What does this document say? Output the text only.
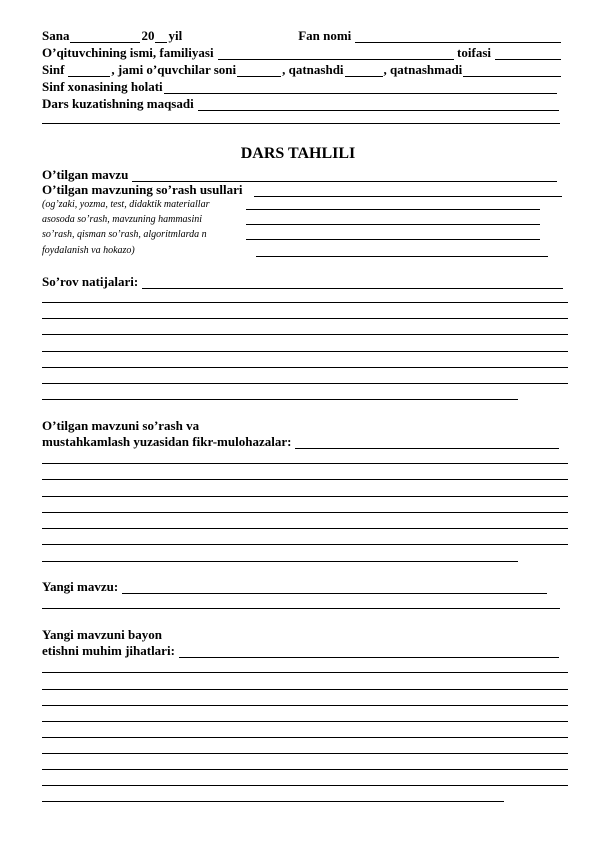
Sana	20 yil	Fan nomi
O’qituvchining ismi, familiyasi	toifasi
Sinf	, jami o’quvchilar soni	, qatnashdi	, qatnashmadi
Sinf xonasining holati
Dars kuzatishning maqsadi
DARS TAHLILI
O’tilgan mavzu
O’tilgan mavzuning so’rash usullari
(og’zaki, yozma, test, didaktik materiallar
asosoda so’rash, mavzuning hammasini
so’rash, qisman so’rash, algoritmlarda n
foydalanish va hokazo)
So’rov natijalari:
O’tilgan mavzuni so’rash va
mustahkamlash yuzasidan fikr-mulohazalar:
Yangi mavzu:
Yangi mavzuni bayon
etishni muhim jihatlari:
